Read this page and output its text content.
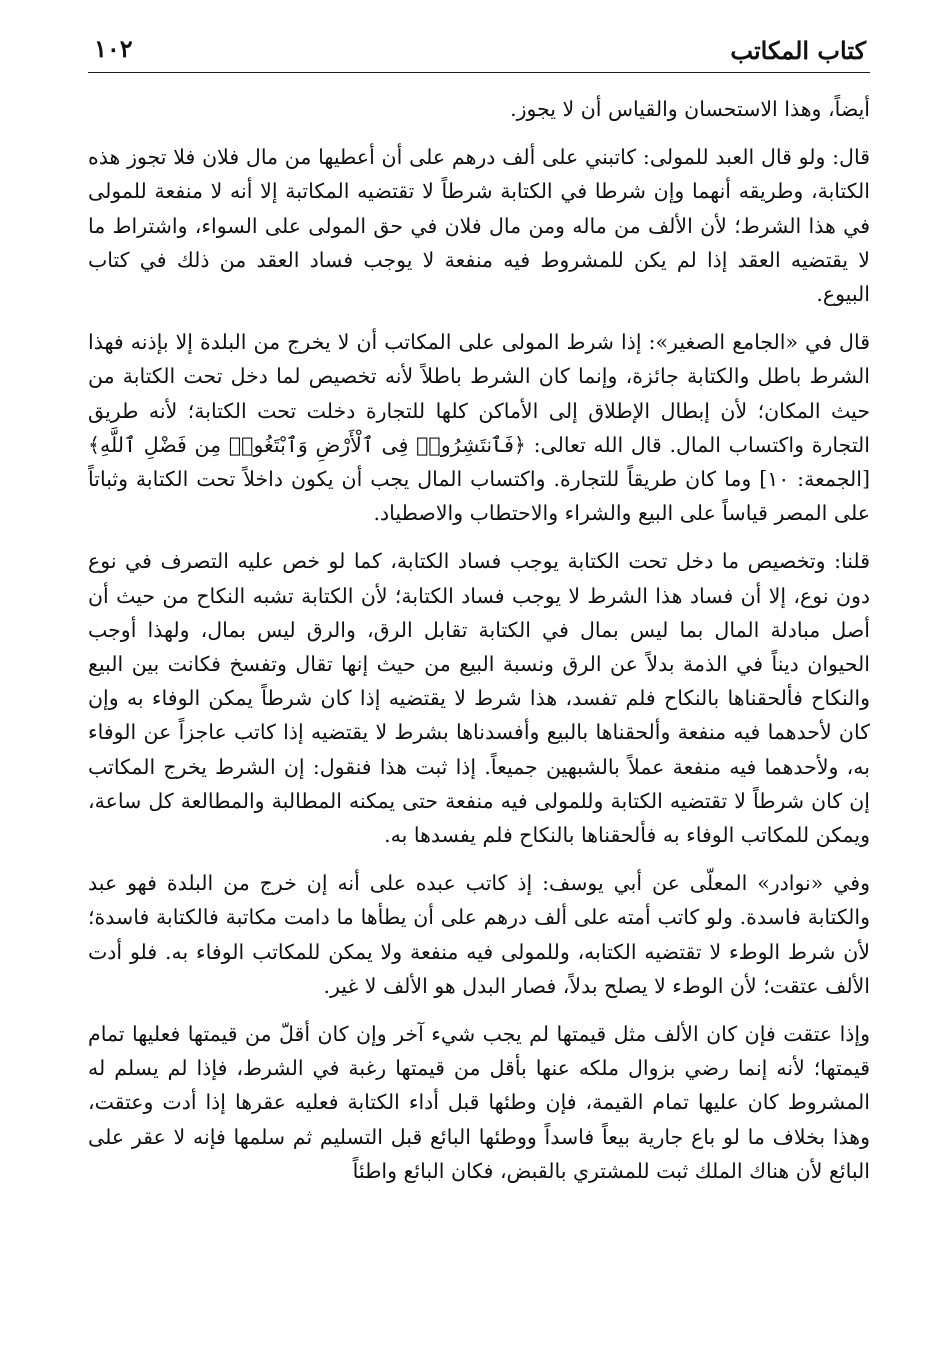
كتاب المكاتب
١٠٢

أيضاً، وهذا الاستحسان والقياس أن لا يجوز.

قال: ولو قال العبد للمولى: كاتبني على ألف درهم على أن أعطيها من مال فلان فلا تجوز هذه الكتابة، وطريقه أنهما وإن شرطا في الكتابة شرطاً لا تقتضيه المكاتبة إلا أنه لا منفعة للمولى في هذا الشرط؛ لأن الألف من ماله ومن مال فلان في حق المولى على السواء، واشتراط ما لا يقتضيه العقد إذا لم يكن للمشروط فيه منفعة لا يوجب فساد العقد من ذلك في كتاب البيوع.

قال في «الجامع الصغير»: إذا شرط المولى على المكاتب أن لا يخرج من البلدة إلا بإذنه فهذا الشرط باطل والكتابة جائزة، وإنما كان الشرط باطلاً لأنه تخصيص لما دخل تحت الكتابة من حيث المكان؛ لأن إبطال الإطلاق إلى الأماكن كلها للتجارة دخلت تحت الكتابة؛ لأنه طريق التجارة واكتساب المال. قال الله تعالى: ﴿فَٱنتَشِرُوا۟ فِى ٱلْأَرْضِ وَٱبْتَغُوا۟ مِن فَضْلِ ٱللَّهِ﴾ [الجمعة: ١٠] وما كان طريقاً للتجارة. واكتساب المال يجب أن يكون داخلاً تحت الكتابة وثباتاً على المصر قياساً على البيع والشراء والاحتطاب والاصطياد.

قلنا: وتخصيص ما دخل تحت الكتابة يوجب فساد الكتابة، كما لو خص عليه التصرف في نوع دون نوع، إلا أن فساد هذا الشرط لا يوجب فساد الكتابة؛ لأن الكتابة تشبه النكاح من حيث أن أصل مبادلة المال بما ليس بمال في الكتابة تقابل الرق، والرق ليس بمال، ولهذا أوجب الحيوان ديناً في الذمة بدلاً عن الرق ونسبة البيع من حيث إنها تقال وتفسخ فكانت بين البيع والنكاح فألحقناها بالنكاح فلم تفسد، هذا شرط لا يقتضيه إذا كان شرطاً يمكن الوفاء به وإن كان لأحدهما فيه منفعة وألحقناها بالبيع وأفسدناها بشرط لا يقتضيه إذا كاتب عاجزاً عن الوفاء به، ولأحدهما فيه منفعة عملاً بالشبهين جميعاً. إذا ثبت هذا فنقول: إن الشرط يخرج المكاتب إن كان شرطاً لا تقتضيه الكتابة وللمولى فيه منفعة حتى يمكنه المطالبة والمطالعة كل ساعة، ويمكن للمكاتب الوفاء به فألحقناها بالنكاح فلم يفسدها به.

وفي «نوادر» المعلّى عن أبي يوسف: إذ كاتب عبده على أنه إن خرج من البلدة فهو عبد والكتابة فاسدة. ولو كاتب أمته على ألف درهم على أن يطأها ما دامت مكاتبة فالكتابة فاسدة؛ لأن شرط الوطء لا تقتضيه الكتابه، وللمولى فيه منفعة ولا يمكن للمكاتب الوفاء به. فلو أدت الألف عتقت؛ لأن الوطء لا يصلح بدلاً، فصار البدل هو الألف لا غير.

وإذا عتقت فإن كان الألف مثل قيمتها لم يجب شيء آخر وإن كان أقلّ من قيمتها فعليها تمام قيمتها؛ لأنه إنما رضي بزوال ملكه عنها بأقل من قيمتها رغبة في الشرط، فإذا لم يسلم له المشروط كان عليها تمام القيمة، فإن وطئها قبل أداء الكتابة فعليه عقرها إذا أدت وعتقت، وهذا بخلاف ما لو باع جارية بيعاً فاسداً ووطئها البائع قبل التسليم ثم سلمها فإنه لا عقر على البائع لأن هناك الملك ثبت للمشتري بالقبض، فكان البائع واطئاً
